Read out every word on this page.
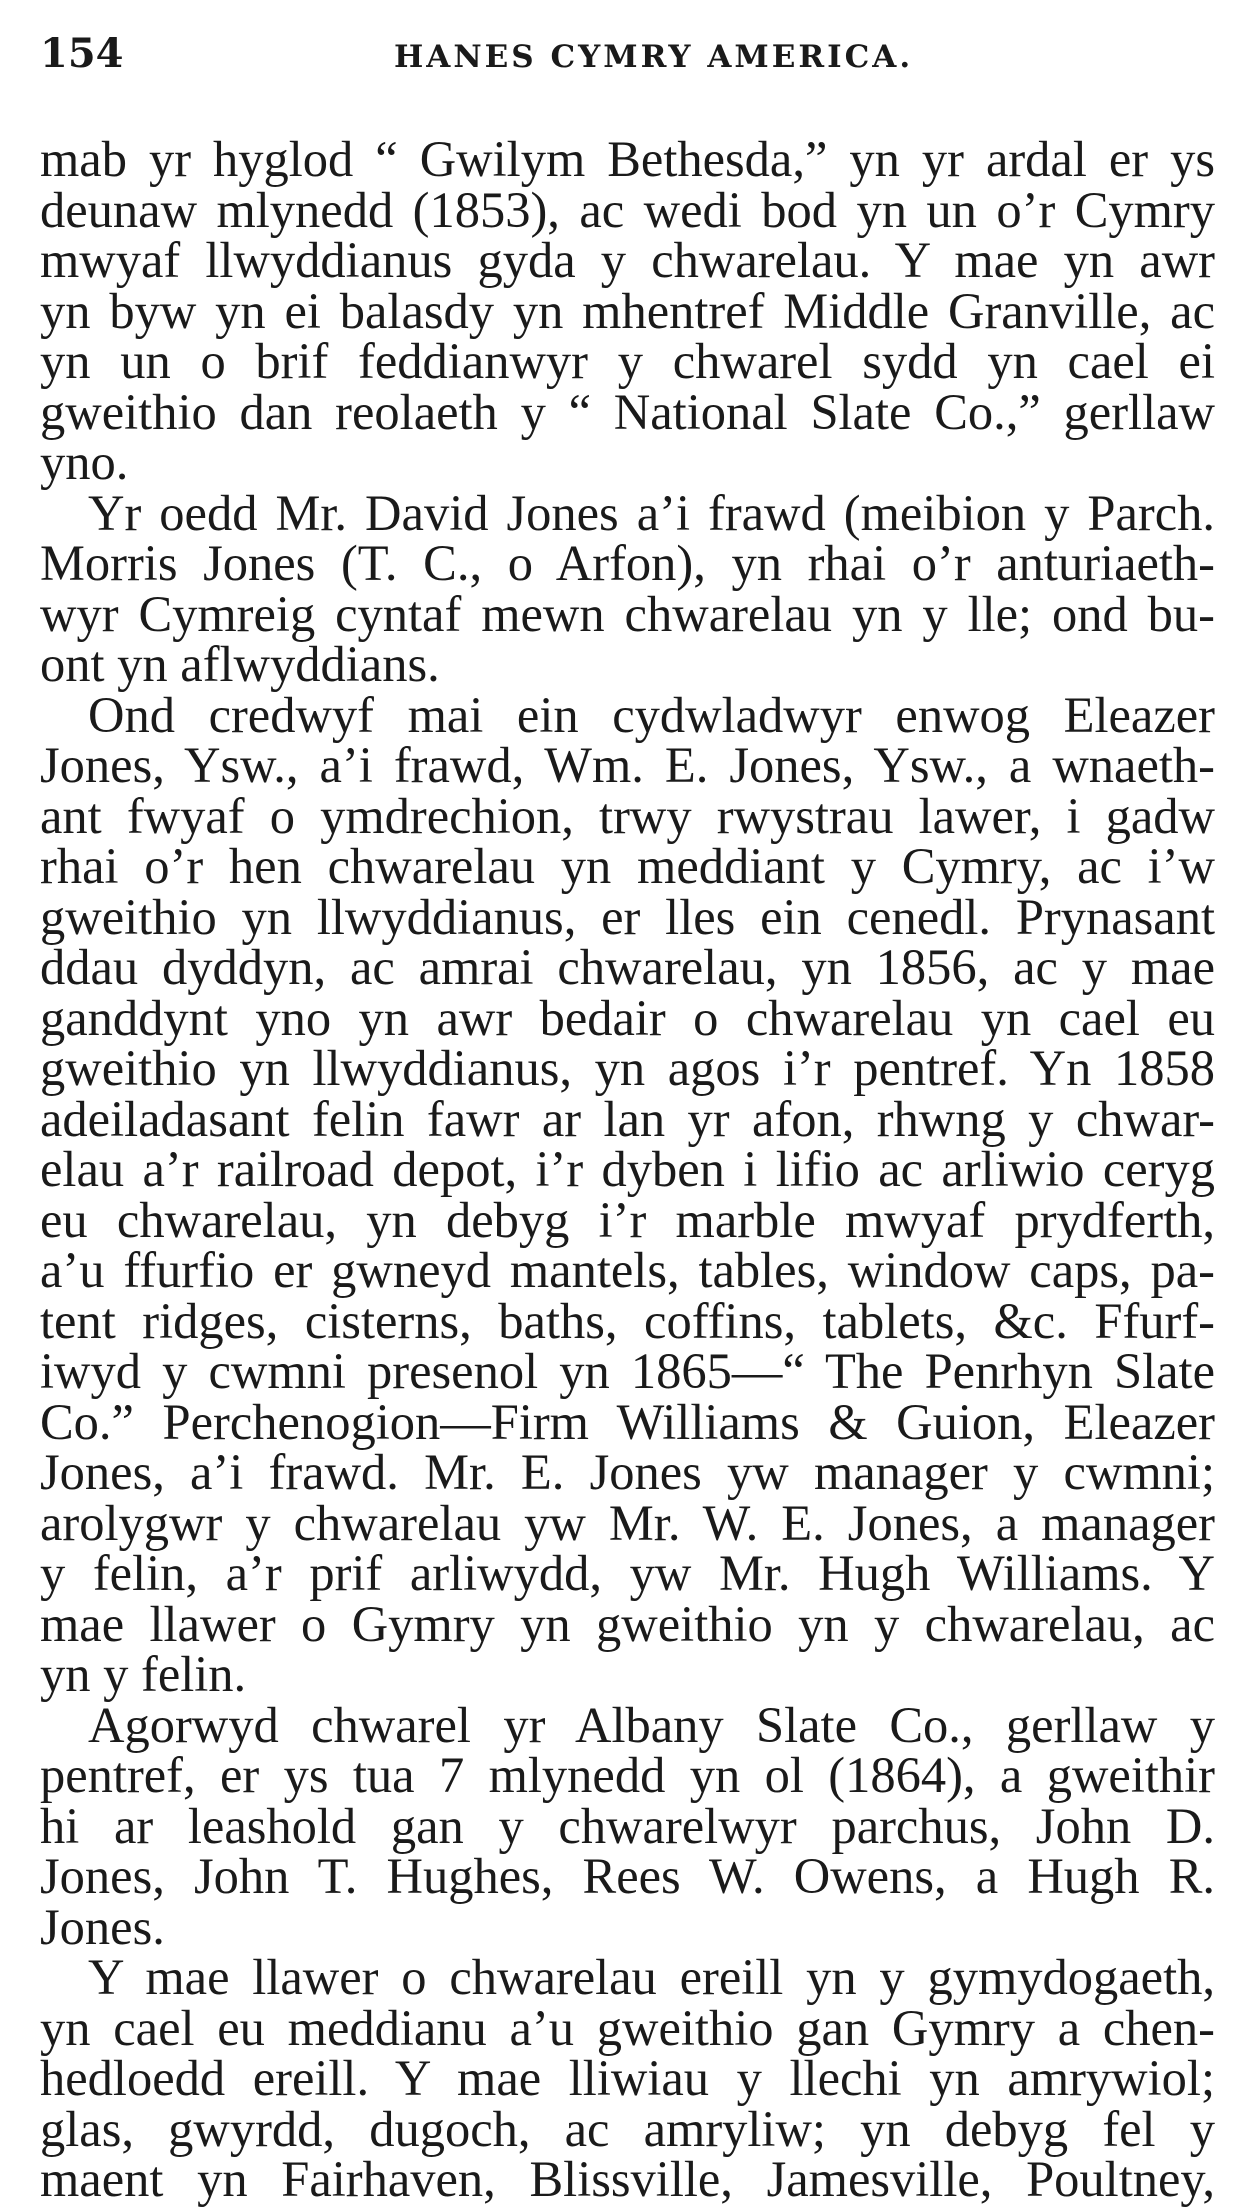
154	HANES CYMRY AMERICA.
mab yr hyglod “ Gwilym Bethesda,” yn yr ardal er ys
deunaw mlynedd (1853), ac wedi bod yn un o’r Cymry
mwyaf llwyddianus gyda y chwarelau. Y mae yn awr
yn byw yn ei balasdy yn mhentref Middle Granville, ac
yn un o brif feddianwyr y chwarel sydd yn cael ei
gweithio dan reolaeth y “ National Slate Co.,” gerllaw
yno.
Yr oedd Mr. David Jones a’i frawd (meibion y Parch.
Morris Jones (T. C., o Arfon), yn rhai o’r anturiaeth-
wyr Cymreig cyntaf mewn chwarelau yn y lle; ond bu-
ont yn aflwyddians.
Ond credwyf mai ein cydwladwyr enwog Eleazer
Jones, Ysw., a’i frawd, Wm. E. Jones, Ysw., a wnaeth-
ant fwyaf o ymdrechion, trwy rwystrau lawer, i gadw
rhai o’r hen chwarelau yn meddiant y Cymry, ac i’w
gweithio yn llwyddianus, er lles ein cenedl. Prynasant
ddau dyddyn, ac amrai chwarelau, yn 1856, ac y mae
ganddynt yno yn awr bedair o chwarelau yn cael eu
gweithio yn llwyddianus, yn agos i’r pentref. Yn 1858
adeiladasant felin fawr ar lan yr afon, rhwng y chwar-
elau a’r railroad depot, i’r dyben i lifio ac arliwio ceryg
eu chwarelau, yn debyg i’r marble mwyaf prydferth,
a’u ffurfio er gwneyd mantels, tables, window caps, pa-
tent ridges, cisterns, baths, coffins, tablets, &c. Ffurf-
iwyd y cwmni presenol yn 1865—“ The Penrhyn Slate
Co.” Perchenogion—Firm Williams & Guion, Eleazer
Jones, a’i frawd. Mr. E. Jones yw manager y cwmni;
arolygwr y chwarelau yw Mr. W. E. Jones, a manager
y felin, a’r prif arliwydd, yw Mr. Hugh Williams. Y
mae llawer o Gymry yn gweithio yn y chwarelau, ac
yn y felin.
Agorwyd chwarel yr Albany Slate Co., gerllaw y
pentref, er ys tua 7 mlynedd yn ol (1864), a gweithir
hi ar leashold gan y chwarelwyr parchus, John D.
Jones, John T. Hughes, Rees W. Owens, a Hugh R.
Jones.
Y mae llawer o chwarelau ereill yn y gymydogaeth,
yn cael eu meddianu a’u gweithio gan Gymry a chen-
hedloedd ereill. Y mae lliwiau y llechi yn amrywiol;
glas, gwyrdd, dugoch, ac amryliw; yn debyg fel y
maent yn Fairhaven, Blissville, Jamesville, Poultney,
